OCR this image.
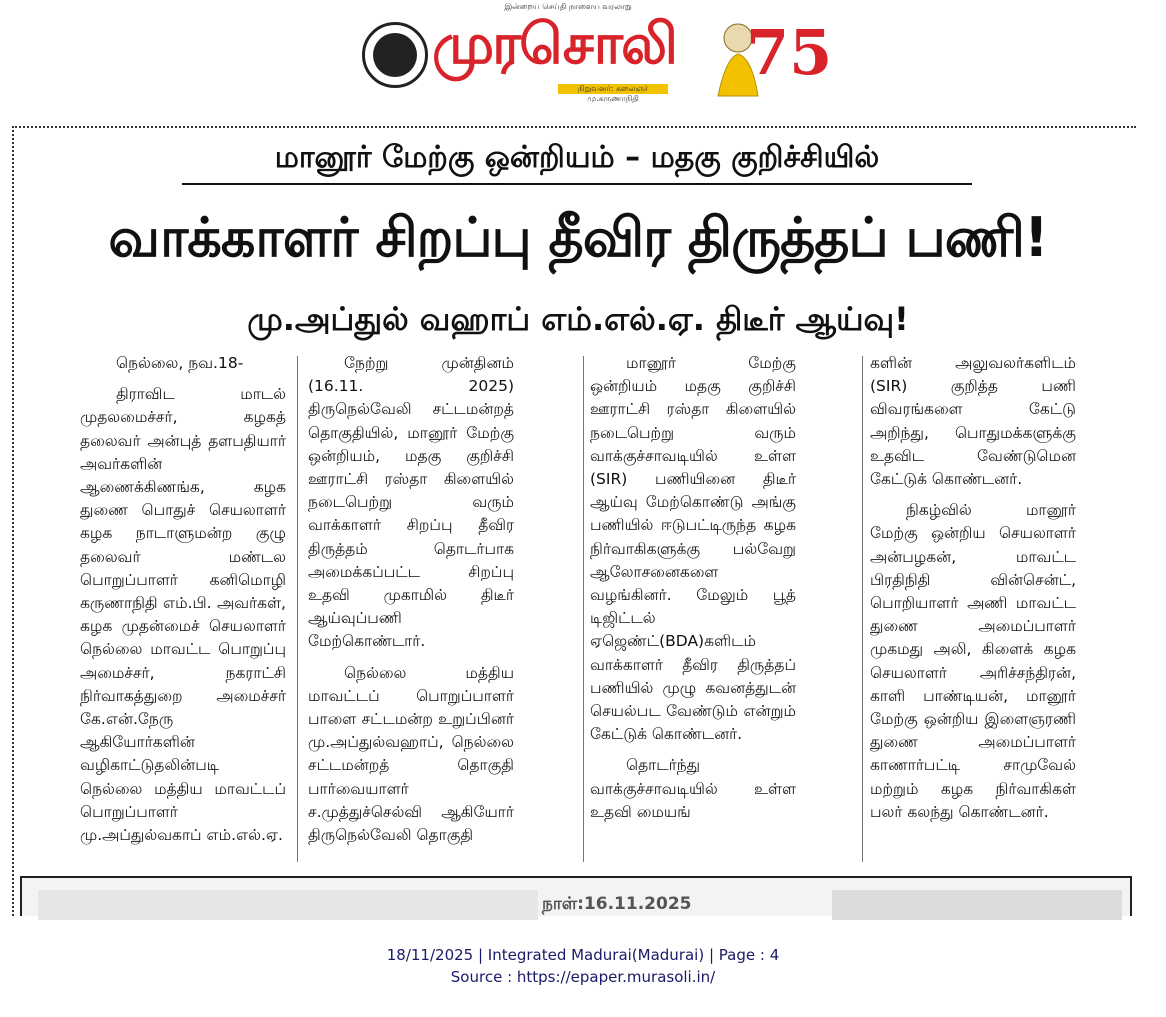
இன்றைய செய்தி நாளைய வரலாறு
முரசொலி
நிறுவனர்: கலைஞர் மு.கருணாநிதி
75
மானூர் மேற்கு ஒன்றியம் – மதகு குறிச்சியில்
வாக்காளர் சிறப்பு தீவிர திருத்தப் பணி!
மு.அப்துல் வஹாப் எம்.எல்.ஏ. திடீர் ஆய்வு!

நெல்லை, நவ.18-

திராவிட மாடல் முதலமைச்சர், கழகத் தலைவர் அன்புத் தளபதியார் அவர்களின் ஆணைக்கிணங்க, கழக துணை பொதுச் செயலாளர் கழக நாடாளுமன்ற குழு தலைவர் மண்டல பொறுப்பாளர் கனிமொழி கருணாநிதி எம்.பி. அவர்கள், கழக முதன்மைச் செயலாளர் நெல்லை மாவட்ட பொறுப்பு அமைச்சர், நகராட்சி நிர்வாகத்துறை அமைச்சர் கே.என்.நேரு ஆகியோர்களின் வழிகாட்டுதலின்படி நெல்லை மத்திய மாவட்டப் பொறுப்பாளர் மு.அப்துல்வகாப் எம்.எல்.ஏ.

நேற்று முன்தினம் (16.11. 2025) திருநெல்வேலி சட்டமன்றத் தொகுதியில், மானூர் மேற்கு ஒன்றியம், மதகு குறிச்சி ஊராட்சி ரஸ்தா கிளையில் நடைபெற்று வரும் வாக்காளர் சிறப்பு தீவிர திருத்தம் தொடர்பாக அமைக்கப்பட்ட சிறப்பு உதவி முகாமில் திடீர் ஆய்வுப்பணி மேற்கொண்டார்.

நெல்லை மத்திய மாவட்டப் பொறுப்பாளர் பாளை சட்டமன்ற உறுப்பினர் மு.அப்துல்வஹாப், நெல்லை சட்டமன்றத் தொகுதி பார்வையாளர் ச.முத்துச்செல்வி ஆகியோர் திருநெல்வேலி தொகுதி

மானூர் மேற்கு ஒன்றியம் மதகு குறிச்சி ஊராட்சி ரஸ்தா கிளையில் நடைபெற்று வரும் வாக்குச்சாவடியில் உள்ள (SIR) பணியினை திடீர் ஆய்வு மேற்கொண்டு அங்கு பணியில் ஈடுபட்டிருந்த கழக நிர்வாகிகளுக்கு பல்வேறு ஆலோசனைகளை வழங்கினர். மேலும் பூத் டிஜிட்டல் ஏஜெண்ட்(BDA)களிடம் வாக்காளர் தீவிர திருத்தப் பணியில் முழு கவனத்துடன் செயல்பட வேண்டும் என்றும் கேட்டுக் கொண்டனர்.

தொடர்ந்து வாக்குச்சாவடியில் உள்ள உதவி மையங்

களின் அலுவலர்களிடம் (SIR) குறித்த பணி விவரங்களை கேட்டு அறிந்து, பொதுமக்களுக்கு உதவிட வேண்டுமென கேட்டுக் கொண்டனர்.

நிகழ்வில் மானூர் மேற்கு ஒன்றிய செயலாளர் அன்பழகன், மாவட்ட பிரதிநிதி வின்சென்ட், பொறியாளர் அணி மாவட்ட துணை அமைப்பாளர் முகமது அலி, கிளைக் கழக செயலாளர் அரிச்சந்திரன், காளி பாண்டியன், மானூர் மேற்கு ஒன்றிய இளைஞரணி துணை அமைப்பாளர் காணார்பட்டி சாமுவேல் மற்றும் கழக நிர்வாகிகள் பலர் கலந்து கொண்டனர்.

நாள்:16.11.2025
18/11/2025 | Integrated Madurai(Madurai) | Page : 4
Source : https://epaper.murasoli.in/
